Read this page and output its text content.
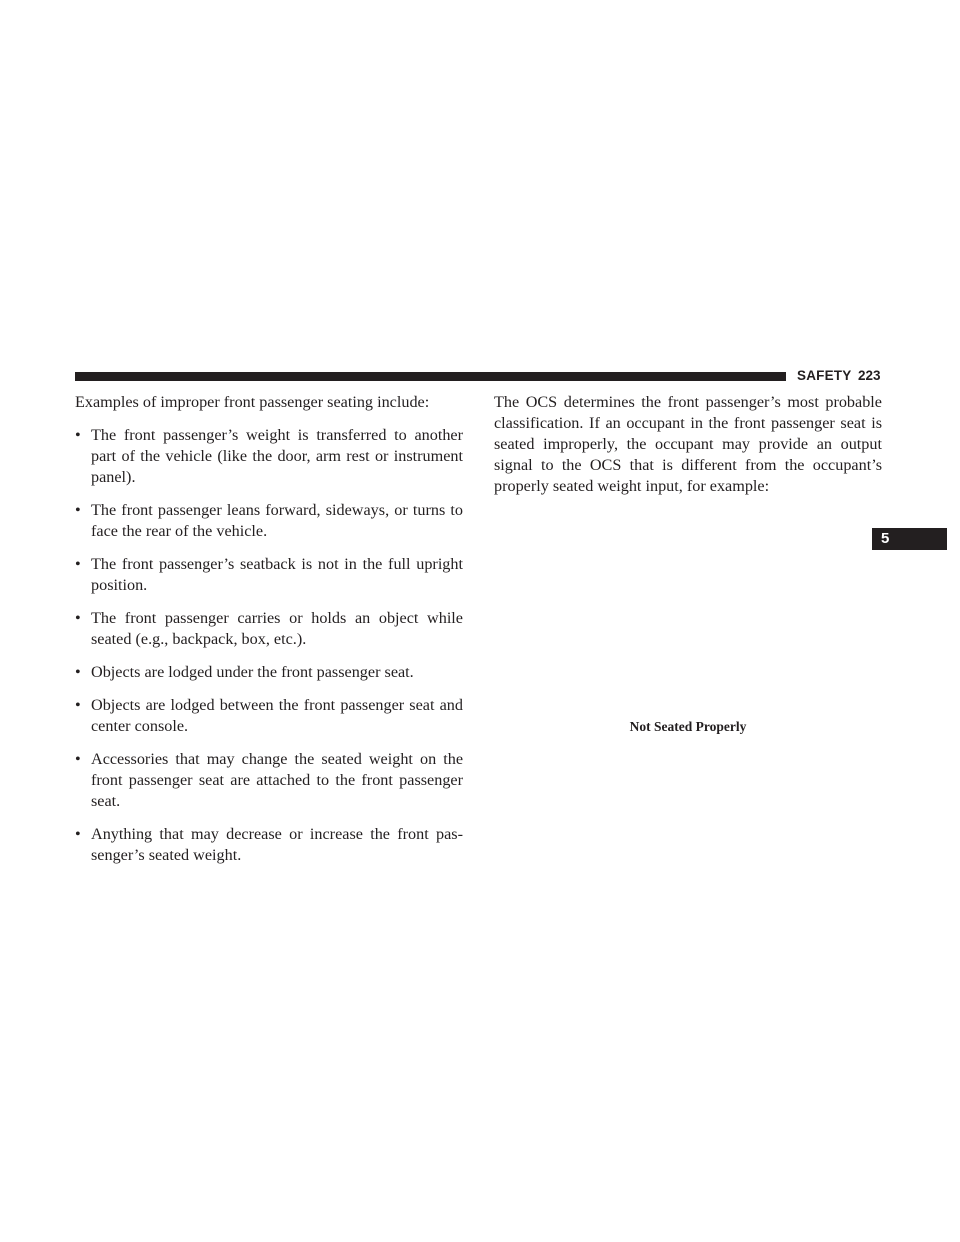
SAFETY 223
5

Examples of improper front passenger seating include:

• The front passenger’s weight is transferred to another part of the vehicle (like the door, arm rest or instrument panel).
• The front passenger leans forward, sideways, or turns to face the rear of the vehicle.
• The front passenger’s seatback is not in the full upright position.
• The front passenger carries or holds an object while seated (e.g., backpack, box, etc.).
• Objects are lodged under the front passenger seat.
• Objects are lodged between the front passenger seat and center console.
• Accessories that may change the seated weight on the front passenger seat are attached to the front passenger seat.
• Anything that may decrease or increase the front pas-senger’s seated weight.

The OCS determines the front passenger’s most probable classification. If an occupant in the front passenger seat is seated improperly, the occupant may provide an output signal to the OCS that is different from the occupant’s properly seated weight input, for example:

Not Seated Properly
